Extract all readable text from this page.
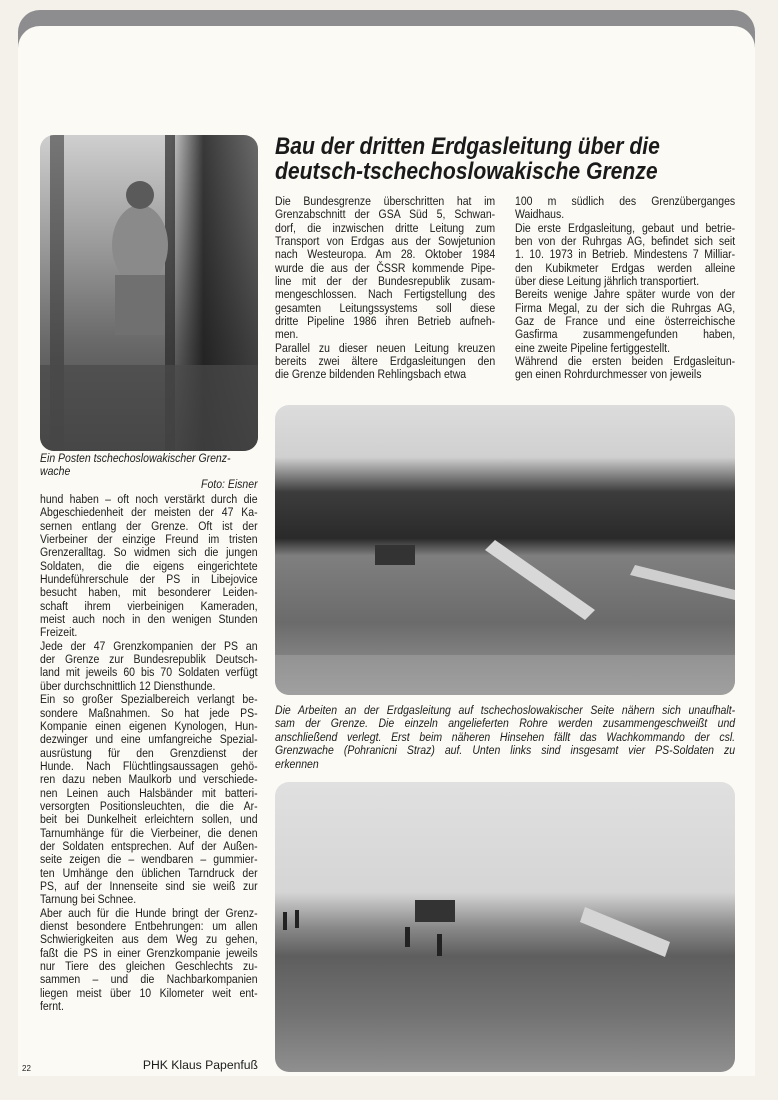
Ein Posten tschechoslowakischer Grenz-
wache
Foto: Eisner
Bau der dritten Erdgasleitung über die
deutsch-tschechoslowakische Grenze
Die Bundesgrenze überschritten hat im
Grenzabschnitt der GSA Süd 5, Schwan-
dorf, die inzwischen dritte Leitung zum
Transport von Erdgas aus der Sowjetunion
nach Westeuropa. Am 28. Oktober 1984
wurde die aus der ČSSR kommende Pipe-
line mit der der Bundesrepublik zusam-
mengeschlossen. Nach Fertigstellung des
gesamten Leitungssystems soll diese
dritte Pipeline 1986 ihren Betrieb aufneh-
men.
Parallel zu dieser neuen Leitung kreuzen
bereits zwei ältere Erdgasleitungen den
die Grenze bildenden Rehlingsbach etwa
100 m südlich des Grenzüberganges
Waidhaus.
Die erste Erdgasleitung, gebaut und betrie-
ben von der Ruhrgas AG, befindet sich seit
1. 10. 1973 in Betrieb. Mindestens 7 Milliar-
den Kubikmeter Erdgas werden alleine
über diese Leitung jährlich transportiert.
Bereits wenige Jahre später wurde von der
Firma Megal, zu der sich die Ruhrgas AG,
Gaz de France und eine österreichische
Gasfirma zusammengefunden haben,
eine zweite Pipeline fertiggestellt.
Während die ersten beiden Erdgasleitun-
gen einen Rohrdurchmesser von jeweils
Die Arbeiten an der Erdgasleitung auf tschechoslowakischer Seite nähern sich unaufhalt-
sam der Grenze. Die einzeln angelieferten Rohre werden zusammengeschweißt und
anschließend verlegt. Erst beim näheren Hinsehen fällt das Wachkommando der csl.
Grenzwache (Pohranicni Straz) auf. Unten links sind insgesamt vier PS-Soldaten zu
erkennen
hund haben – oft noch verstärkt durch die
Abgeschiedenheit der meisten der 47 Ka-
sernen entlang der Grenze. Oft ist der
Vierbeiner der einzige Freund im tristen
Grenzeralltag. So widmen sich die jungen
Soldaten, die die eigens eingerichtete
Hundeführerschule der PS in Libejovice
besucht haben, mit besonderer Leiden-
schaft ihrem vierbeinigen Kameraden,
meist auch noch in den wenigen Stunden
Freizeit.
Jede der 47 Grenzkompanien der PS an
der Grenze zur Bundesrepublik Deutsch-
land mit jeweils 60 bis 70 Soldaten verfügt
über durchschnittlich 12 Diensthunde.
Ein so großer Spezialbereich verlangt be-
sondere Maßnahmen. So hat jede PS-
Kompanie einen eigenen Kynologen, Hun-
dezwinger und eine umfangreiche Spezial-
ausrüstung für den Grenzdienst der
Hunde. Nach Flüchtlingsaussagen gehö-
ren dazu neben Maulkorb und verschiede-
nen Leinen auch Halsbänder mit batteri-
versorgten Positionsleuchten, die die Ar-
beit bei Dunkelheit erleichtern sollen, und
Tarnumhänge für die Vierbeiner, die denen
der Soldaten entsprechen. Auf der Außen-
seite zeigen die – wendbaren – gummier-
ten Umhänge den üblichen Tarndruck der
PS, auf der Innenseite sind sie weiß zur
Tarnung bei Schnee.
Aber auch für die Hunde bringt der Grenz-
dienst besondere Entbehrungen: um allen
Schwierigkeiten aus dem Weg zu gehen,
faßt die PS in einer Grenzkompanie jeweils
nur Tiere des gleichen Geschlechts zu-
sammen – und die Nachbarkompanien
liegen meist über 10 Kilometer weit ent-
fernt.
PHK Klaus Papenfuß
22
